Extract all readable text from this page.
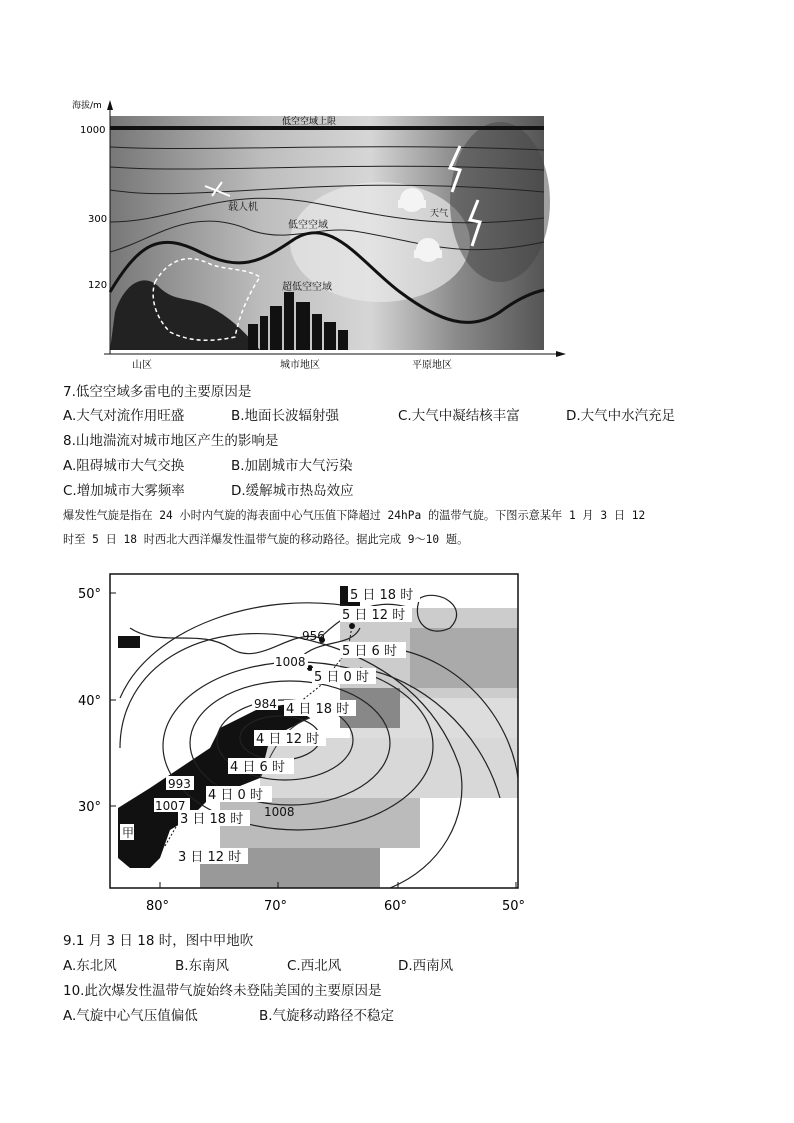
低空空域上限
载人机
低空空域
超低空空域
天气
海拔/m
1000
300
120
山区	城市地区	平原地区
7.低空空域多雷电的主要原因是
A.大气对流作用旺盛	B.地面长波辐射强	C.大气中凝结核丰富	D.大气中水汽充足
8.山地湍流对城市地区产生的影响是
A.阻碍城市大气交换	B.加剧城市大气污染
C.增加城市大雾频率	D.缓解城市热岛效应
爆发性气旋是指在 24 小时内气旋的海表面中心气压值下降超过 24hPa 的温带气旋。下图示意某年 1 月 3 日 12
时至 5 日 18 时西北大西洋爆发性温带气旋的移动路径。据此完成 9～10 题。
50°
40°
30°
80°	70°	60°	50°
5 日 18 时
5 日 12 时
5 日 6 时
5 日 0 时
4 日 18 时
4 日 12 时
4 日 6 时
4 日 0 时
3 日 18 时
3 日 12 时
956
1008
984
993
1007	1008
甲
9.1 月 3 日 18 时，图中甲地吹
A.东北风	B.东南风	C.西北风	D.西南风
10.此次爆发性温带气旋始终未登陆美国的主要原因是
A.气旋中心气压值偏低	B.气旋移动路径不稳定
